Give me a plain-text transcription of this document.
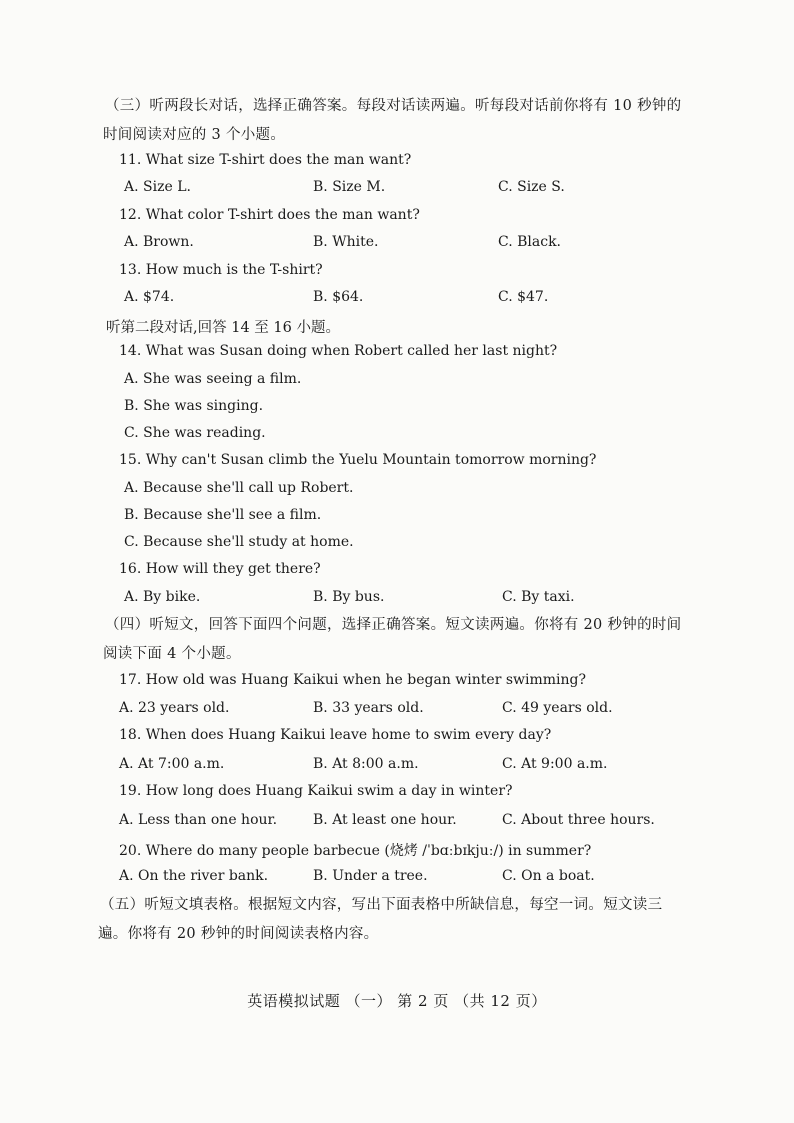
（三）听两段长对话，选择正确答案。每段对话读两遍。听每段对话前你将有 10 秒钟的
时间阅读对应的 3 个小题。
11. What size T-shirt does the man want?
A. Size L.	B. Size M.	C. Size S.
12. What color T-shirt does the man want?
A. Brown.	B. White.	C. Black.
13. How much is the T-shirt?
A. $74.	B. $64.	C. $47.
听第二段对话,回答 14 至 16 小题。
14. What was Susan doing when Robert called her last night?
A. She was seeing a film.
B. She was singing.
C. She was reading.
15. Why can't Susan climb the Yuelu Mountain tomorrow morning?
A. Because she'll call up Robert.
B. Because she'll see a film.
C. Because she'll study at home.
16. How will they get there?
A. By bike.	B. By bus.	C. By taxi.
（四）听短文，回答下面四个问题，选择正确答案。短文读两遍。你将有 20 秒钟的时间
阅读下面 4 个小题。
17. How old was Huang Kaikui when he began winter swimming?
A. 23 years old.	B. 33 years old.	C. 49 years old.
18. When does Huang Kaikui leave home to swim every day?
A. At 7:00 a.m.	B. At 8:00 a.m.	C. At 9:00 a.m.
19. How long does Huang Kaikui swim a day in winter?
A. Less than one hour.	B. At least one hour.	C. About three hours.
20. Where do many people barbecue (烧烤 /ˈbɑːbɪkjuː/) in summer?
A. On the river bank.	B. Under a tree.	C. On a boat.
（五）听短文填表格。根据短文内容，写出下面表格中所缺信息，每空一词。短文读三
遍。你将有 20 秒钟的时间阅读表格内容。
英语模拟试题 （一） 第 2 页 （共 12 页）
